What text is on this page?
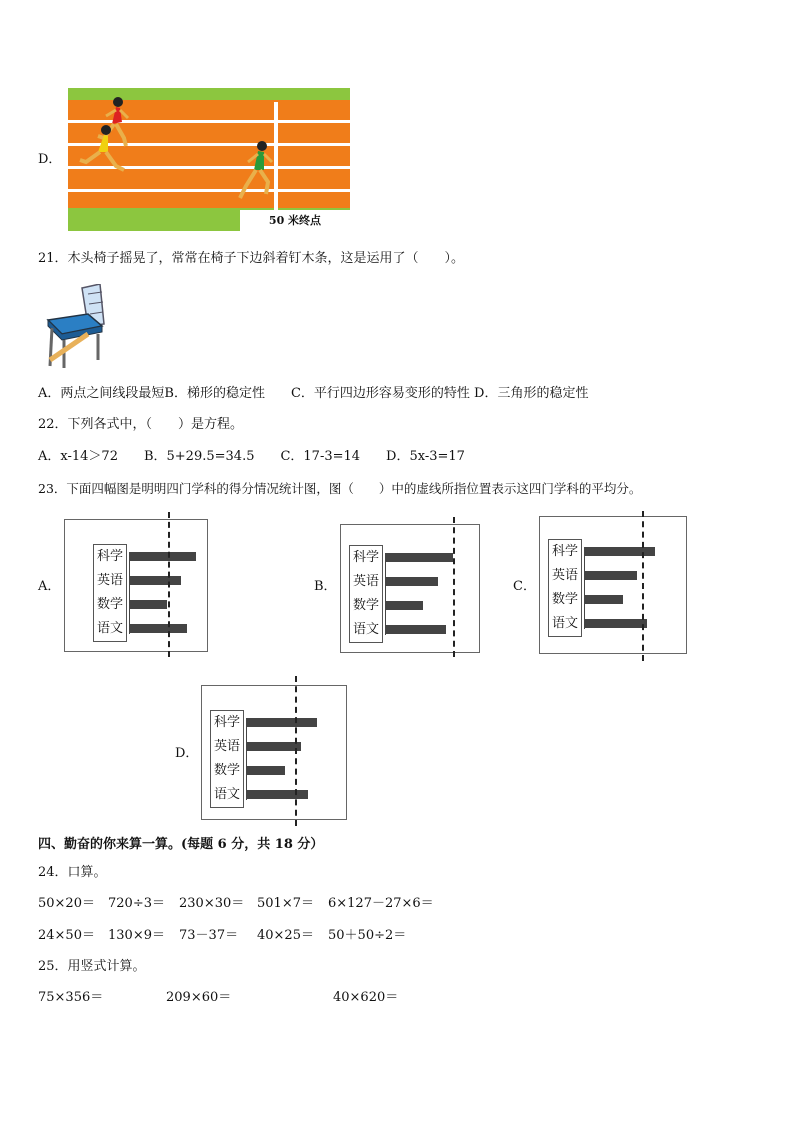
D．
50 米终点
21．木头椅子摇晃了，常常在椅子下边斜着钉木条，这是运用了（　　）。
A．两点之间线段最短B．梯形的稳定性　　C．平行四边形容易变形的特性 D．三角形的稳定性
22．下列各式中，（　　）是方程。
A．x-14＞72　　B．5+29.5=34.5　　C．17-3=14　　D．5x-3=17
23．下面四幅图是明明四门学科的得分情况统计图，图（　　）中的虚线所指位置表示这四门学科的平均分。
A．	B．	C．
D．
科学
英语
数学
语文
科学
英语
数学
语文
科学
英语
数学
语文
科学
英语
数学
语文
四、勤奋的你来算一算。(每题 6 分，共 18 分）
24．口算。
50×20＝ 720÷3＝ 230×30＝ 501×7＝ 6×127－27×6＝
24×50＝ 130×9＝ 73－37＝ 40×25＝ 50＋50÷2＝
25．用竖式计算。
75×356＝	209×60＝	40×620＝
